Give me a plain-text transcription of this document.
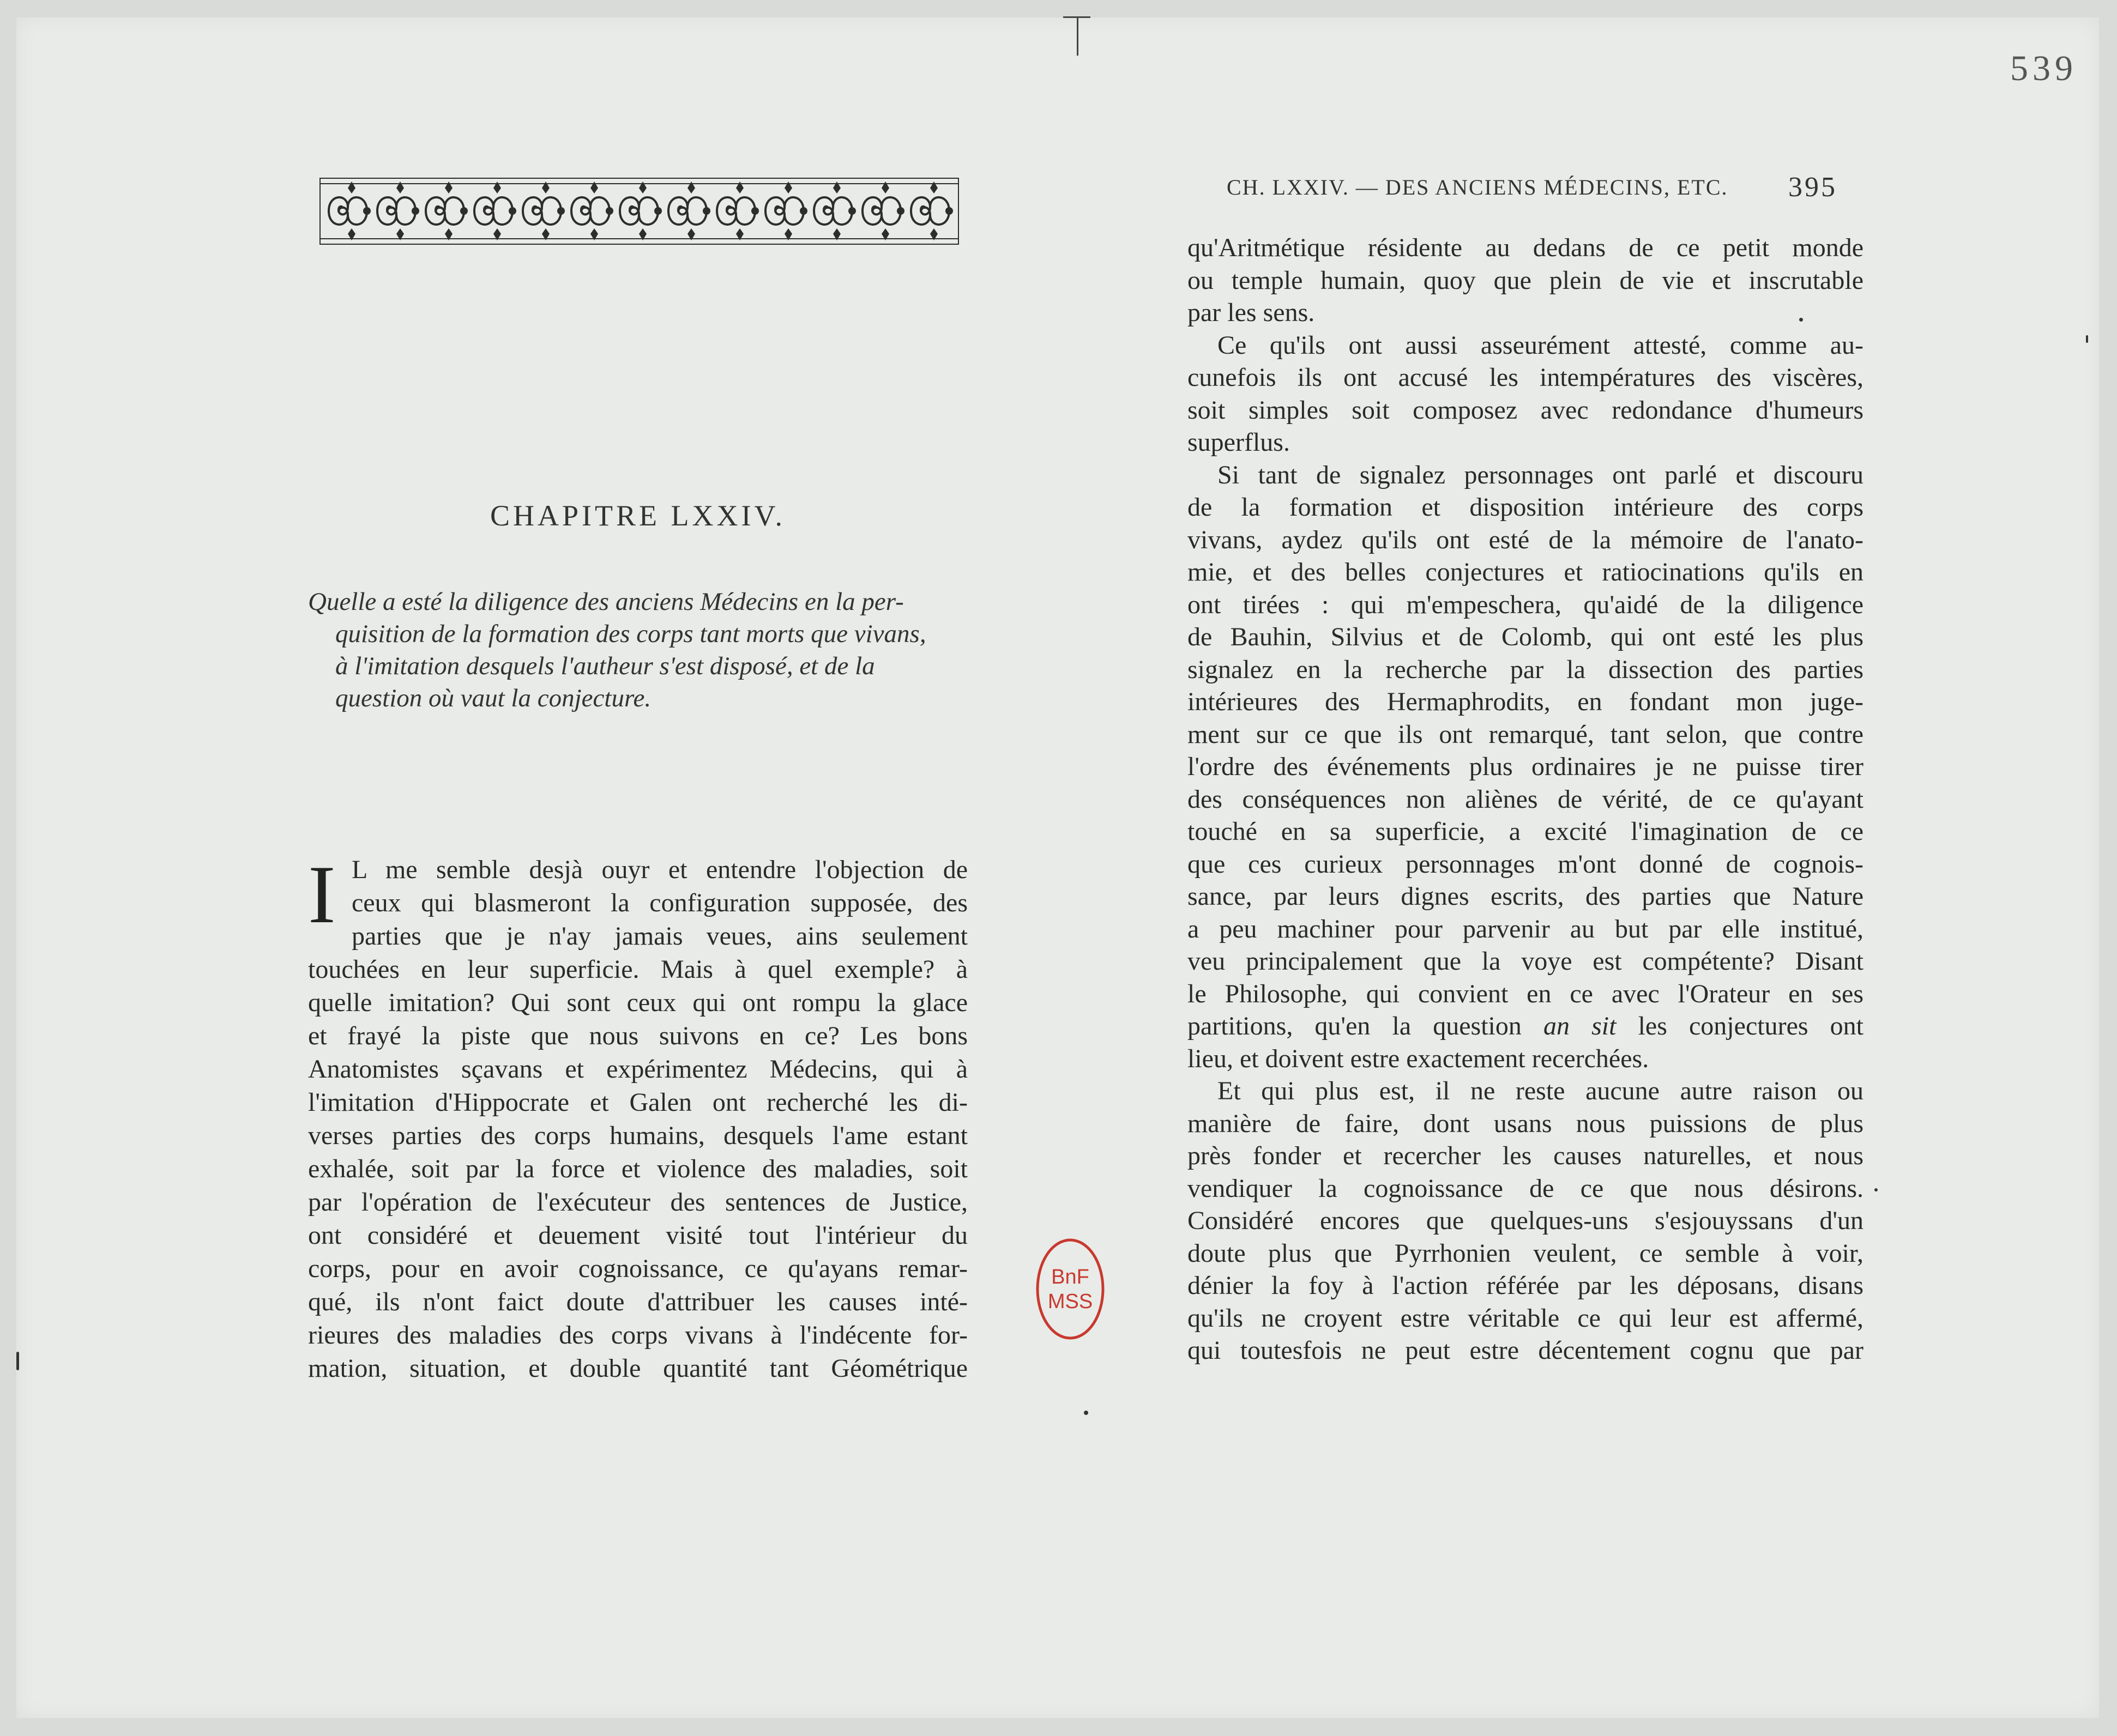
539
CHAPITRE LXXIV.
Quelle a esté la diligence des anciens Médecins en la per-
quisition de la formation des corps tant morts que vivans,
à l'imitation desquels l'autheur s'est disposé, et de la
question où vaut la conjecture.
I L me semble desjà ouyr et entendre l'objection de
ceux qui blasmeront la configuration supposée, des
parties que je n'ay jamais veues, ains seulement
touchées en leur superficie. Mais à quel exemple? à
quelle imitation? Qui sont ceux qui ont rompu la glace
et frayé la piste que nous suivons en ce? Les bons
Anatomistes sçavans et expérimentez Médecins, qui à
l'imitation d'Hippocrate et Galen ont recherché les di-
verses parties des corps humains, desquels l'ame estant
exhalée, soit par la force et violence des maladies, soit
par l'opération de l'exécuteur des sentences de Justice,
ont considéré et deuement visité tout l'intérieur du
corps, pour en avoir cognoissance, ce qu'ayans remar-
qué, ils n'ont faict doute d'attribuer les causes inté-
rieures des maladies des corps vivans à l'indécente for-
mation, situation, et double quantité tant Géométrique
CH. LXXIV. — DES ANCIENS MÉDECINS, ETC. 395
qu'Aritmétique résidente au dedans de ce petit monde
ou temple humain, quoy que plein de vie et inscrutable
par les sens.
Ce qu'ils ont aussi asseurément attesté, comme au-
cunefois ils ont accusé les intempératures des viscères,
soit simples soit composez avec redondance d'humeurs
superflus.
Si tant de signalez personnages ont parlé et discouru
de la formation et disposition intérieure des corps
vivans, aydez qu'ils ont esté de la mémoire de l'anato-
mie, et des belles conjectures et ratiocinations qu'ils en
ont tirées : qui m'empeschera, qu'aidé de la diligence
de Bauhin, Silvius et de Colomb, qui ont esté les plus
signalez en la recherche par la dissection des parties
intérieures des Hermaphrodits, en fondant mon juge-
ment sur ce que ils ont remarqué, tant selon, que contre
l'ordre des événements plus ordinaires je ne puisse tirer
des conséquences non aliènes de vérité, de ce qu'ayant
touché en sa superficie, a excité l'imagination de ce
que ces curieux personnages m'ont donné de cognois-
sance, par leurs dignes escrits, des parties que Nature
a peu machiner pour parvenir au but par elle institué,
veu principalement que la voye est compétente? Disant
le Philosophe, qui convient en ce avec l'Orateur en ses
partitions, qu'en la question an sit les conjectures ont
lieu, et doivent estre exactement recerchées.
Et qui plus est, il ne reste aucune autre raison ou
manière de faire, dont usans nous puissions de plus
près fonder et recercher les causes naturelles, et nous
vendiquer la cognoissance de ce que nous désirons.
Considéré encores que quelques-uns s'esjouyssans d'un
doute plus que Pyrrhonien veulent, ce semble à voir,
dénier la foy à l'action référée par les déposans, disans
qu'ils ne croyent estre véritable ce qui leur est affermé,
qui toutesfois ne peut estre décentement cognu que par
BnF
MSS
